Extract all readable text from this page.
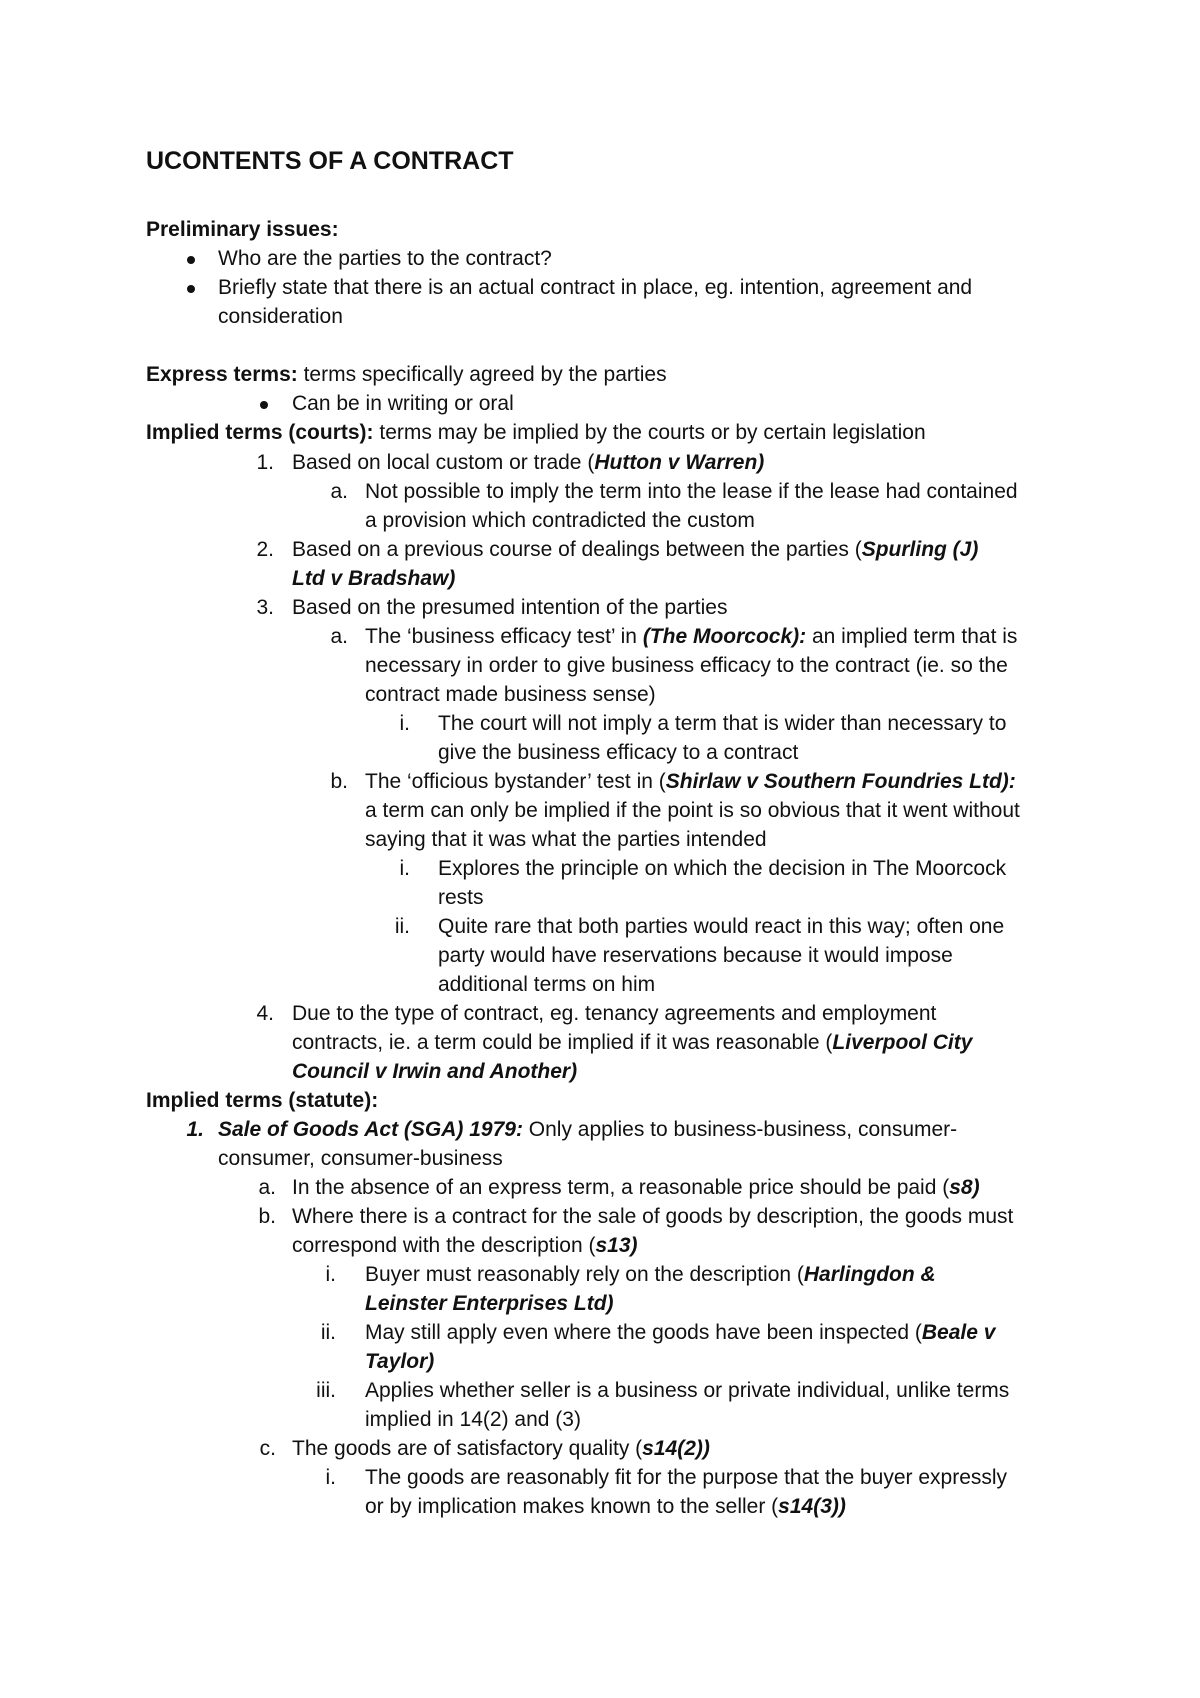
UCONTENTS OF A CONTRACT
Preliminary issues:
Who are the parties to the contract?
Briefly state that there is an actual contract in place, eg. intention, agreement and
consideration
Express terms: terms specifically agreed by the parties
Can be in writing or oral
Implied terms (courts): terms may be implied by the courts or by certain legislation
1. Based on local custom or trade (Hutton v Warren)
a. Not possible to imply the term into the lease if the lease had contained
a provision which contradicted the custom
2. Based on a previous course of dealings between the parties (Spurling (J)
Ltd v Bradshaw)
3. Based on the presumed intention of the parties
a. The ‘business efficacy test’ in (The Moorcock): an implied term that is
necessary in order to give business efficacy to the contract (ie. so the
contract made business sense)
i. The court will not imply a term that is wider than necessary to
give the business efficacy to a contract
b. The ‘officious bystander’ test in (Shirlaw v Southern Foundries Ltd):
a term can only be implied if the point is so obvious that it went without
saying that it was what the parties intended
i. Explores the principle on which the decision in The Moorcock
rests
ii. Quite rare that both parties would react in this way; often one
party would have reservations because it would impose
additional terms on him
4. Due to the type of contract, eg. tenancy agreements and employment
contracts, ie. a term could be implied if it was reasonable (Liverpool City
Council v Irwin and Another)
Implied terms (statute):
1. Sale of Goods Act (SGA) 1979: Only applies to business-business, consumer-
consumer, consumer-business
a. In the absence of an express term, a reasonable price should be paid (s8)
b. Where there is a contract for the sale of goods by description, the goods must
correspond with the description (s13)
i. Buyer must reasonably rely on the description (Harlingdon &
Leinster Enterprises Ltd)
ii. May still apply even where the goods have been inspected (Beale v
Taylor)
iii. Applies whether seller is a business or private individual, unlike terms
implied in 14(2) and (3)
c. The goods are of satisfactory quality (s14(2))
i. The goods are reasonably fit for the purpose that the buyer expressly
or by implication makes known to the seller (s14(3))
